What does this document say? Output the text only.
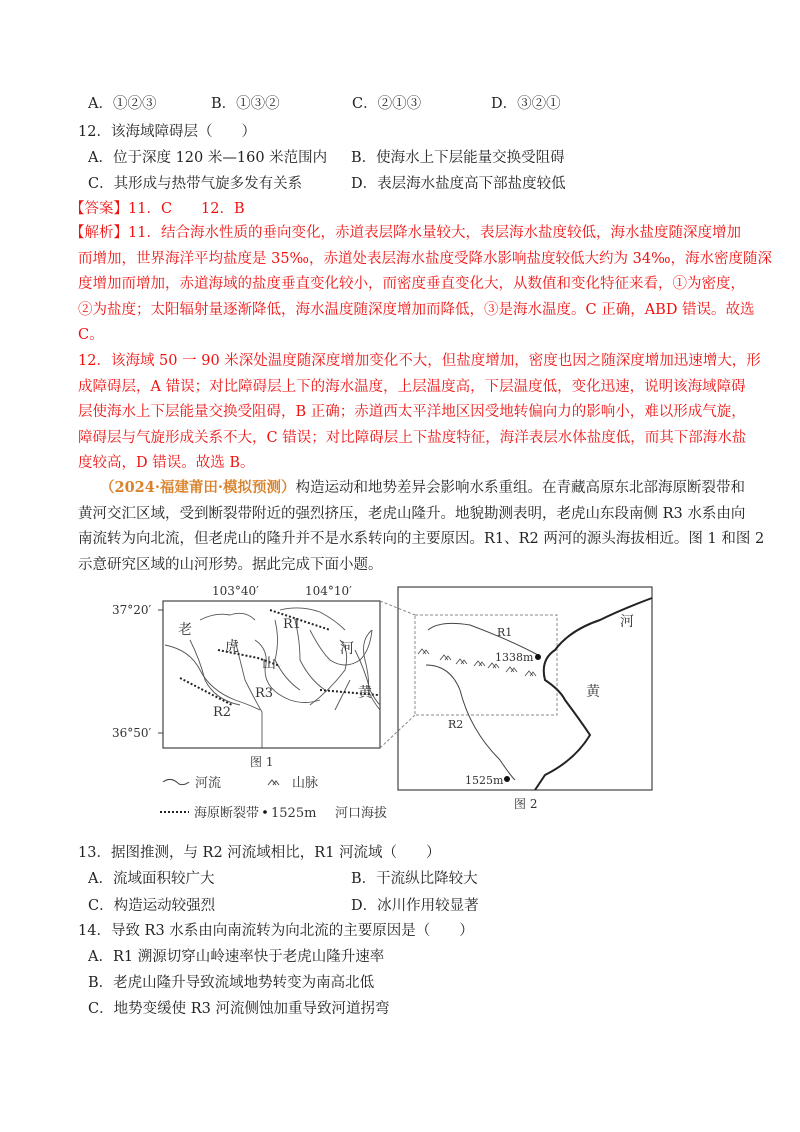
A．①②③	B．①③②	C．②①③	D．③②①
12．该海域障碍层（　　）
A．位于深度 120 米—160 米范围内 B．使海水上下层能量交换受阻碍
C．其形成与热带气旋多发有关系	D．表层海水盐度高下部盐度较低
【答案】11．C　　12．B
【解析】11．结合海水性质的垂向变化，赤道表层降水量较大，表层海水盐度较低，海水盐度随深度增加
而增加，世界海洋平均盐度是 35‰，赤道处表层海水盐度受降水影响盐度较低大约为 34‰，海水密度随深
度增加而增加，赤道海域的盐度垂直变化较小，而密度垂直变化大，从数值和变化特征来看，①为密度，
②为盐度；太阳辐射量逐渐降低，海水温度随深度增加而降低，③是海水温度。C 正确，ABD 错误。故选
C。
12．该海域 50 一 90 米深处温度随深度增加变化不大，但盐度增加，密度也因之随深度增加迅速增大，形
成障碍层，A 错误；对比障碍层上下的海水温度，上层温度高，下层温度低，变化迅速，说明该海域障碍
层使海水上下层能量交换受阻碍，B 正确；赤道西太平洋地区因受地转偏向力的影响小，难以形成气旋，
障碍层与气旋形成关系不大，C 错误；对比障碍层上下盐度特征，海洋表层水体盐度低，而其下部海水盐
度较高，D 错误。故选 B。
（2024·福建莆田·模拟预测）构造运动和地势差异会影响水系重组。在青藏高原东北部海原断裂带和
黄河交汇区域，受到断裂带附近的强烈挤压，老虎山隆升。地貌勘测表明，老虎山东段南侧 R3 水系由向
南流转为向北流，但老虎山的隆升并不是水系转向的主要原因。R1、R2 两河的源头海拔相近。图 1 和图 2
示意研究区域的山河形势。据此完成下面小题。
103°40′	104°10′
37°20′
36°50′
老
虎
山
河
黄
R1
R2
R3
图 1
R1
R2
1338m
1525m
河
黄
图 2
河流	山脉
海原断裂带 1525m 河口海拔
13．据图推测，与 R2 河流域相比，R1 河流域（　　）
A．流域面积较广大	B．干流纵比降较大
C．构造运动较强烈	D．冰川作用较显著
14．导致 R3 水系由向南流转为向北流的主要原因是（　　）
A．R1 溯源切穿山岭速率快于老虎山隆升速率
B．老虎山隆升导致流域地势转变为南高北低
C．地势变缓使 R3 河流侧蚀加重导致河道拐弯
